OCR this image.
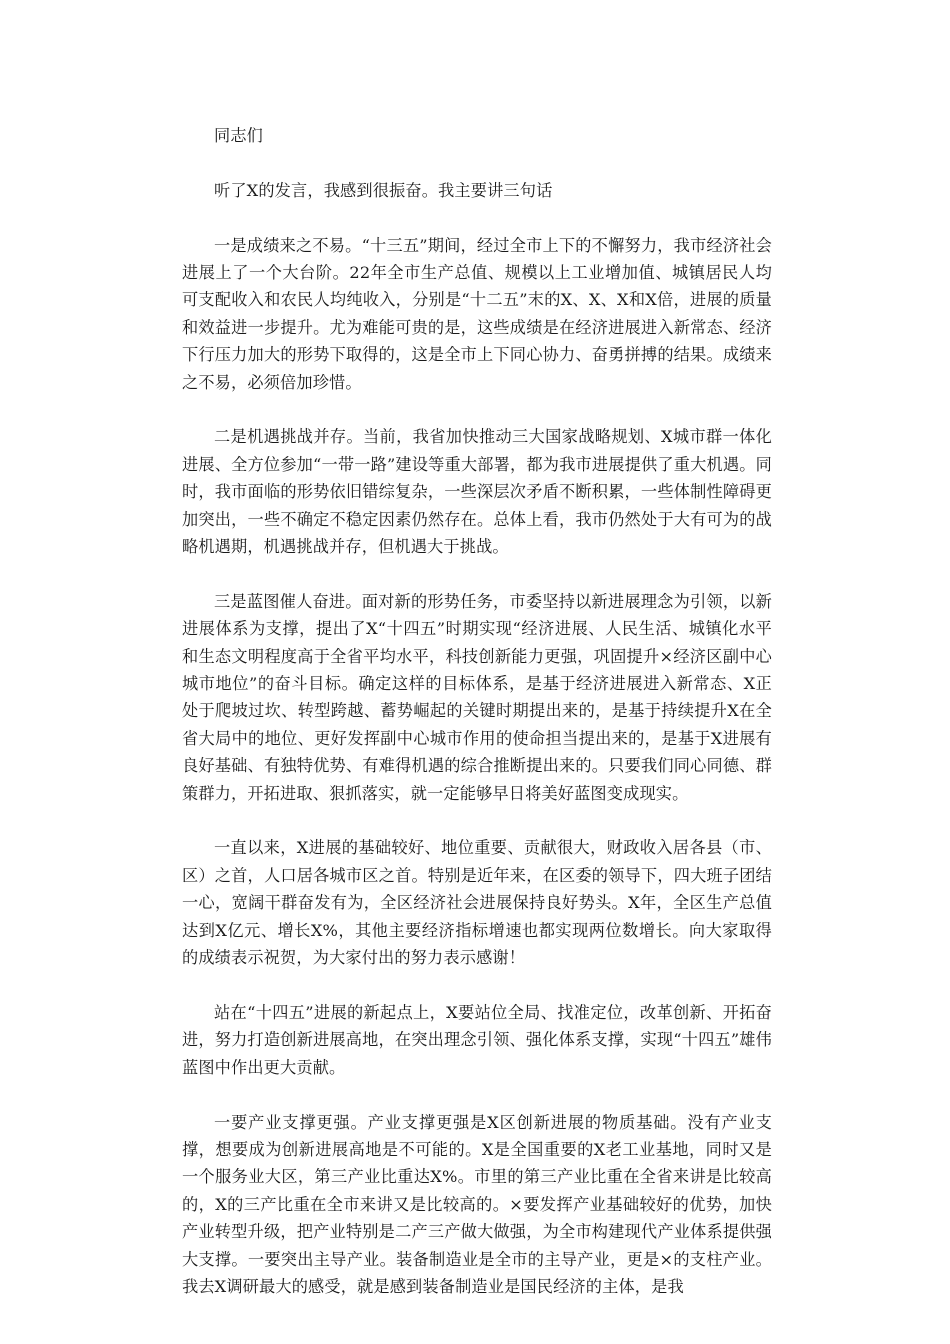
同志们

听了X的发言，我感到很振奋。我主要讲三句话

一是成绩来之不易。“十三五”期间，经过全市上下的不懈努力，我市经济社会进展上了一个大台阶。22年全市生产总值、规模以上工业增加值、城镇居民人均可支配收入和农民人均纯收入，分别是“十二五”末的X、X、X和X倍，进展的质量和效益进一步提升。尤为难能可贵的是，这些成绩是在经济进展进入新常态、经济下行压力加大的形势下取得的，这是全市上下同心协力、奋勇拼搏的结果。成绩来之不易，必须倍加珍惜。

二是机遇挑战并存。当前，我省加快推动三大国家战略规划、X城市群一体化进展、全方位参加“一带一路”建设等重大部署，都为我市进展提供了重大机遇。同时，我市面临的形势依旧错综复杂，一些深层次矛盾不断积累，一些体制性障碍更加突出，一些不确定不稳定因素仍然存在。总体上看，我市仍然处于大有可为的战略机遇期，机遇挑战并存，但机遇大于挑战。

三是蓝图催人奋进。面对新的形势任务，市委坚持以新进展理念为引领，以新进展体系为支撑，提出了X“十四五”时期实现“经济进展、人民生活、城镇化水平和生态文明程度高于全省平均水平，科技创新能力更强，巩固提升×经济区副中心城市地位”的奋斗目标。确定这样的目标体系，是基于经济进展进入新常态、X正处于爬坡过坎、转型跨越、蓄势崛起的关键时期提出来的，是基于持续提升X在全省大局中的地位、更好发挥副中心城市作用的使命担当提出来的，是基于X进展有良好基础、有独特优势、有难得机遇的综合推断提出来的。只要我们同心同德、群策群力，开拓进取、狠抓落实，就一定能够早日将美好蓝图变成现实。

一直以来，X进展的基础较好、地位重要、贡献很大，财政收入居各县（市、区）之首，人口居各城市区之首。特别是近年来，在区委的领导下，四大班子团结一心，宽阔干群奋发有为，全区经济社会进展保持良好势头。X年，全区生产总值达到X亿元、增长X%，其他主要经济指标增速也都实现两位数增长。向大家取得的成绩表示祝贺，为大家付出的努力表示感谢！

站在“十四五”进展的新起点上，X要站位全局、找准定位，改革创新、开拓奋进，努力打造创新进展高地，在突出理念引领、强化体系支撑，实现“十四五”雄伟蓝图中作出更大贡献。

一要产业支撑更强。产业支撑更强是X区创新进展的物质基础。没有产业支撑，想要成为创新进展高地是不可能的。X是全国重要的X老工业基地，同时又是一个服务业大区，第三产业比重达X%。市里的第三产业比重在全省来讲是比较高的，X的三产比重在全市来讲又是比较高的。×要发挥产业基础较好的优势，加快产业转型升级，把产业特别是二产三产做大做强，为全市构建现代产业体系提供强大支撑。一要突出主导产业。装备制造业是全市的主导产业，更是×的支柱产业。我去X调研最大的感受，就是感到装备制造业是国民经济的主体，是我
